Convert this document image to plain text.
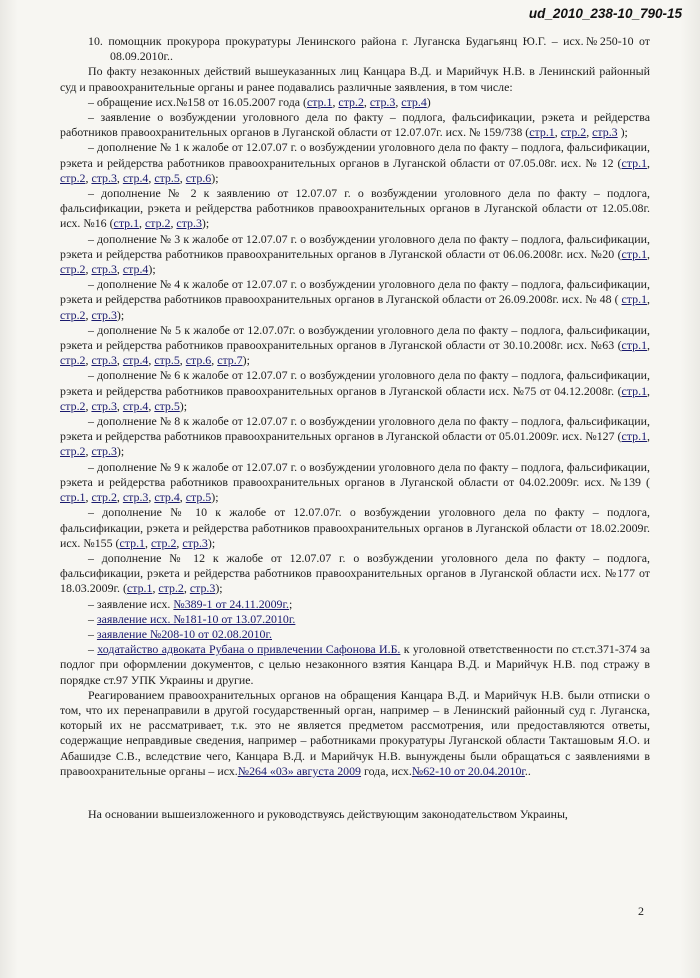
ud_2010_238-10_790-15

10. помощник прокурора прокуратуры Ленинского района г. Луганска Будагьянц Ю.Г. – исх.№250-10 от 08.09.2010г..

По факту незаконных действий вышеуказанных лиц Канцара В.Д. и Марийчук Н.В. в Ленинский районный суд и правоохранительные органы и ранее подавались различные заявления, в том числе:

– обращение исх.№158 от 16.05.2007 года (стр.1, стр.2, стр.3, стр.4)

– заявление о возбуждении уголовного дела по факту – подлога, фальсификации, рэкета и рейдерства работников правоохранительных органов в Луганской области от 12.07.07г. исх. № 159/738 (стр.1, стр.2, стр.3 );

– дополнение № 1 к жалобе от 12.07.07 г. о возбуждении уголовного дела по факту – подлога, фальсификации, рэкета и рейдерства работников правоохранительных органов в Луганской области от 07.05.08г. исх. № 12 (стр.1, стр.2, стр.3, стр.4, стр.5, стр.6);

– дополнение № 2 к заявлению от 12.07.07 г. о возбуждении уголовного дела по факту – подлога, фальсификации, рэкета и рейдерства работников правоохранительных органов в Луганской области от 12.05.08г. исх. №16 (стр.1, стр.2, стр.3);

– дополнение № 3 к жалобе от 12.07.07 г. о возбуждении уголовного дела по факту – подлога, фальсификации, рэкета и рейдерства работников правоохранительных органов в Луганской области от 06.06.2008г. исх. №20 (стр.1, стр.2, стр.3, стр.4);

– дополнение № 4 к жалобе от 12.07.07 г. о возбуждении уголовного дела по факту – подлога, фальсификации, рэкета и рейдерства работников правоохранительных органов в Луганской области от 26.09.2008г. исх. № 48 ( стр.1, стр.2, стр.3);

– дополнение № 5 к жалобе от 12.07.07г. о возбуждении уголовного дела по факту – подлога, фальсификации, рэкета и рейдерства работников правоохранительных органов в Луганской области от 30.10.2008г. исх. №63 (стр.1, стр.2, стр.3, стр.4, стр.5, стр.6, стр.7);

– дополнение № 6 к жалобе от 12.07.07 г. о возбуждении уголовного дела по факту – подлога, фальсификации, рэкета и рейдерства работников правоохранительных органов в Луганской области исх. №75 от 04.12.2008г. (стр.1, стр.2, стр.3, стр.4, стр.5);

– дополнение № 8 к жалобе от 12.07.07 г. о возбуждении уголовного дела по факту – подлога, фальсификации, рэкета и рейдерства работников правоохранительных органов в Луганской области от 05.01.2009г. исх. №127 (стр.1, стр.2, стр.3);

– дополнение № 9 к жалобе от 12.07.07 г. о возбуждении уголовного дела по факту – подлога, фальсификации, рэкета и рейдерства работников правоохранительных органов в Луганской области от 04.02.2009г. исх. №139 ( стр.1, стр.2, стр.3, стр.4, стр.5);

– дополнение № 10 к жалобе от 12.07.07г. о возбуждении уголовного дела по факту – подлога, фальсификации, рэкета и рейдерства работников правоохранительных органов в Луганской области от 18.02.2009г. исх. №155 (стр.1, стр.2, стр.3);

– дополнение № 12 к жалобе от 12.07.07 г. о возбуждении уголовного дела по факту – подлога, фальсификации, рэкета и рейдерства работников правоохранительных органов в Луганской области исх. №177 от 18.03.2009г. (стр.1, стр.2, стр.3);

– заявление исх. №389-1 от 24.11.2009г.;

– заявление исх. №181-10 от 13.07.2010г.

– заявление №208-10 от 02.08.2010г.

– ходатайство адвоката Рубана о привлечении Сафонова И.Б. к уголовной ответственности по ст.ст.371-374 за подлог при оформлении документов, с целью незаконного взятия Канцара В.Д. и Марийчук Н.В. под стражу в порядке ст.97 УПК Украины и другие.

Реагированием правоохранительных органов на обращения Канцара В.Д. и Марийчук Н.В. были отписки о том, что их перенаправили в другой государственный орган, например – в Ленинский районный суд г. Луганска, который их не рассматривает, т.к. это не является предметом рассмотрения, или предоставляются ответы, содержащие неправдивые сведения, например – работниками прокуратуры Луганской области Такташовым Я.О. и Абашидзе С.В., вследствие чего, Канцара В.Д. и Марийчук Н.В. вынуждены были обращаться с заявлениями в правоохранительные органы – исх.№264 «03» августа 2009 года, исх.№62-10 от 20.04.2010г..

На основании вышеизложенного и руководствуясь действующим законодательством Украины,

2
